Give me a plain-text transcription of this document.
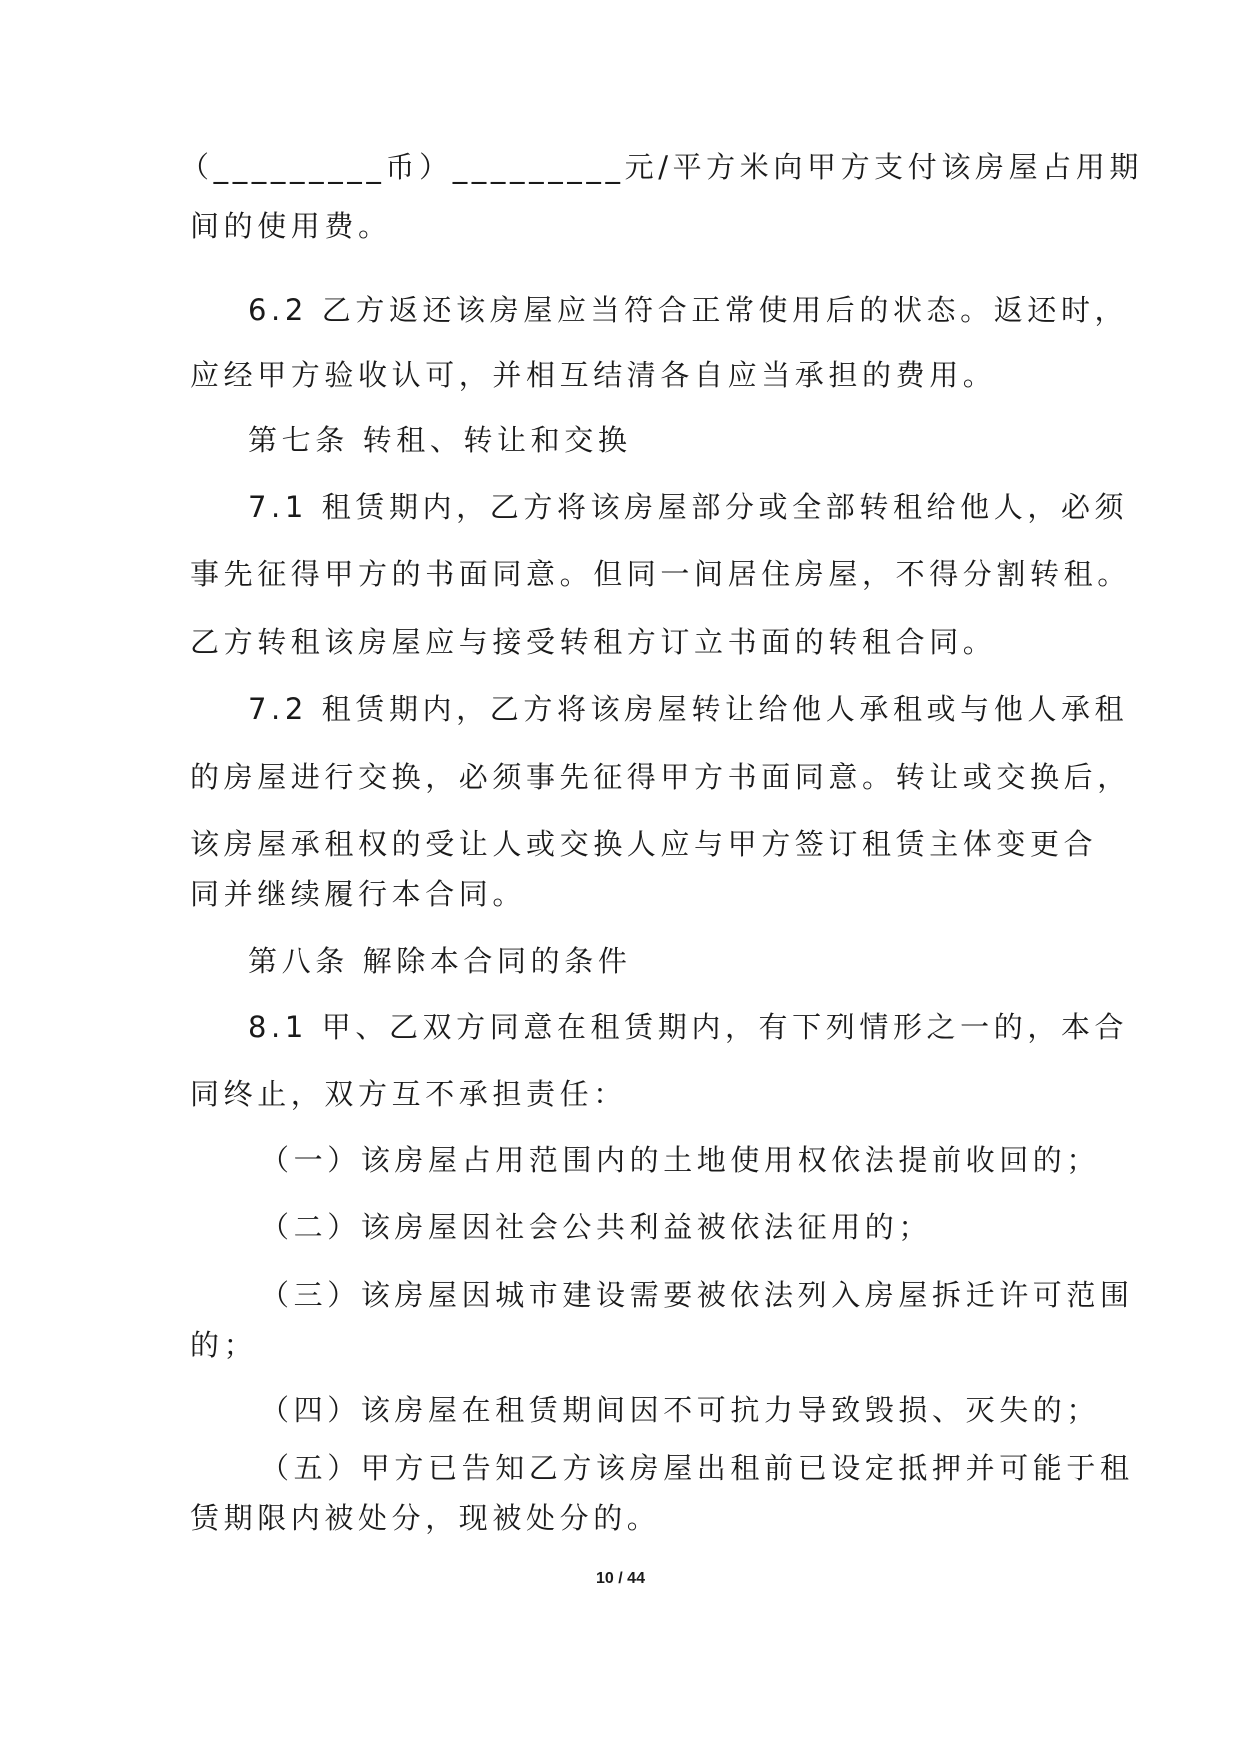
（_________币）_________元/平方米向甲方支付该房屋占用期
间的使用费。
6.2 乙方返还该房屋应当符合正常使用后的状态。返还时，
应经甲方验收认可，并相互结清各自应当承担的费用。
第七条 转租、转让和交换
7.1 租赁期内，乙方将该房屋部分或全部转租给他人，必须
事先征得甲方的书面同意。但同一间居住房屋，不得分割转租。
乙方转租该房屋应与接受转租方订立书面的转租合同。
7.2 租赁期内，乙方将该房屋转让给他人承租或与他人承租
的房屋进行交换，必须事先征得甲方书面同意。转让或交换后，
该房屋承租权的受让人或交换人应与甲方签订租赁主体变更合
同并继续履行本合同。
第八条 解除本合同的条件
8.1 甲、乙双方同意在租赁期内，有下列情形之一的，本合
同终止，双方互不承担责任：
（一）该房屋占用范围内的土地使用权依法提前收回的；
（二）该房屋因社会公共利益被依法征用的；
（三）该房屋因城市建设需要被依法列入房屋拆迁许可范围
的；
（四）该房屋在租赁期间因不可抗力导致毁损、灭失的；
（五）甲方已告知乙方该房屋出租前已设定抵押并可能于租
赁期限内被处分，现被处分的。
10 / 44
